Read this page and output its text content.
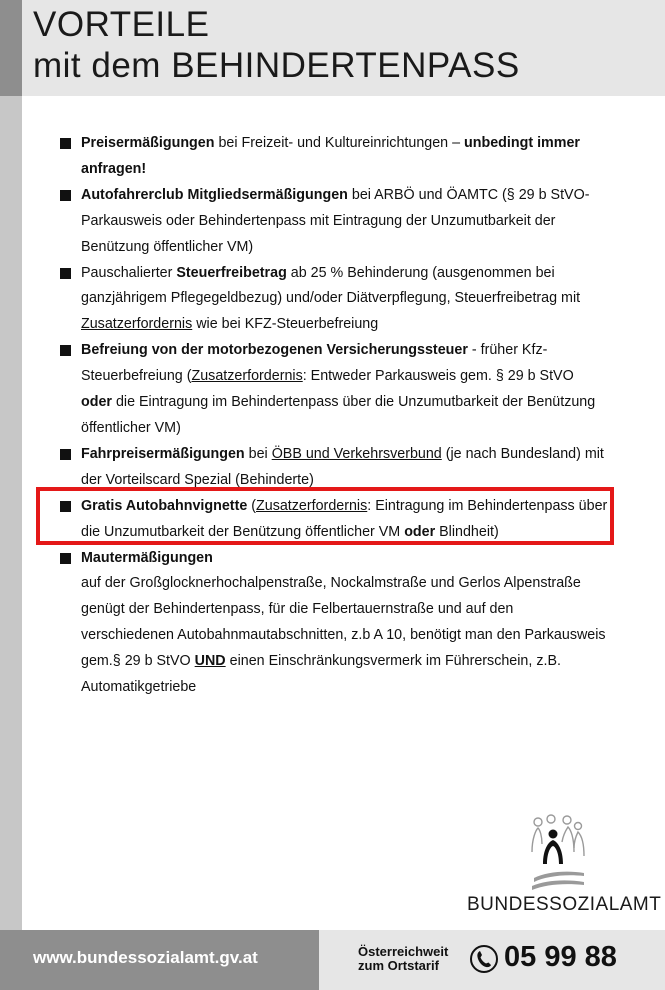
VORTEILE
mit dem BEHINDERTENPASS
Preisermäßigungen bei Freizeit- und Kultureinrichtungen – unbedingt immer anfragen!
Autofahrerclub Mitgliedsermäßigungen bei ARBÖ und ÖAMTC (§ 29 b StVO-Parkausweis oder Behindertenpass mit Eintragung der Unzumutbarkeit der Benützung öffentlicher VM)
Pauschalierter Steuerfreibetrag ab 25 % Behinderung (ausgenommen bei ganzjährigem Pflegegeldbezug) und/oder Diätverpflegung, Steuerfreibetrag mit Zusatzerfordernis wie bei KFZ-Steuerbefreiung
Befreiung von der motorbezogenen Versicherungssteuer - früher Kfz-Steuerbefreiung (Zusatzerfordernis: Entweder Parkausweis gem. § 29 b StVO oder die Eintragung im Behindertenpass über die Unzumutbarkeit der Benützung öffentlicher VM)
Fahrpreisermäßigungen bei ÖBB und Verkehrsverbund (je nach Bundesland) mit der Vorteilscard Spezial (Behinderte)
Gratis Autobahnvignette (Zusatzerfordernis: Eintragung im Behindertenpass über die Unzumutbarkeit der Benützung öffentlicher VM oder Blindheit)
Mautermäßigungen
auf der Großglocknerhochalpenstraße, Nockalmstraße und Gerlos Alpenstraße genügt der Behindertenpass, für die Felbertauernstraße und auf den verschiedenen Autobahnmautabschnitten, z.b A 10, benötigt man den Parkausweis gem.§ 29 b StVO UND einen Einschränkungsvermerk im Führerschein, z.B. Automatikgetriebe
BUNDESSOZIALAMT
www.bundessozialamt.gv.at	Österreichweit
zum Ortstarif	05 99 88
